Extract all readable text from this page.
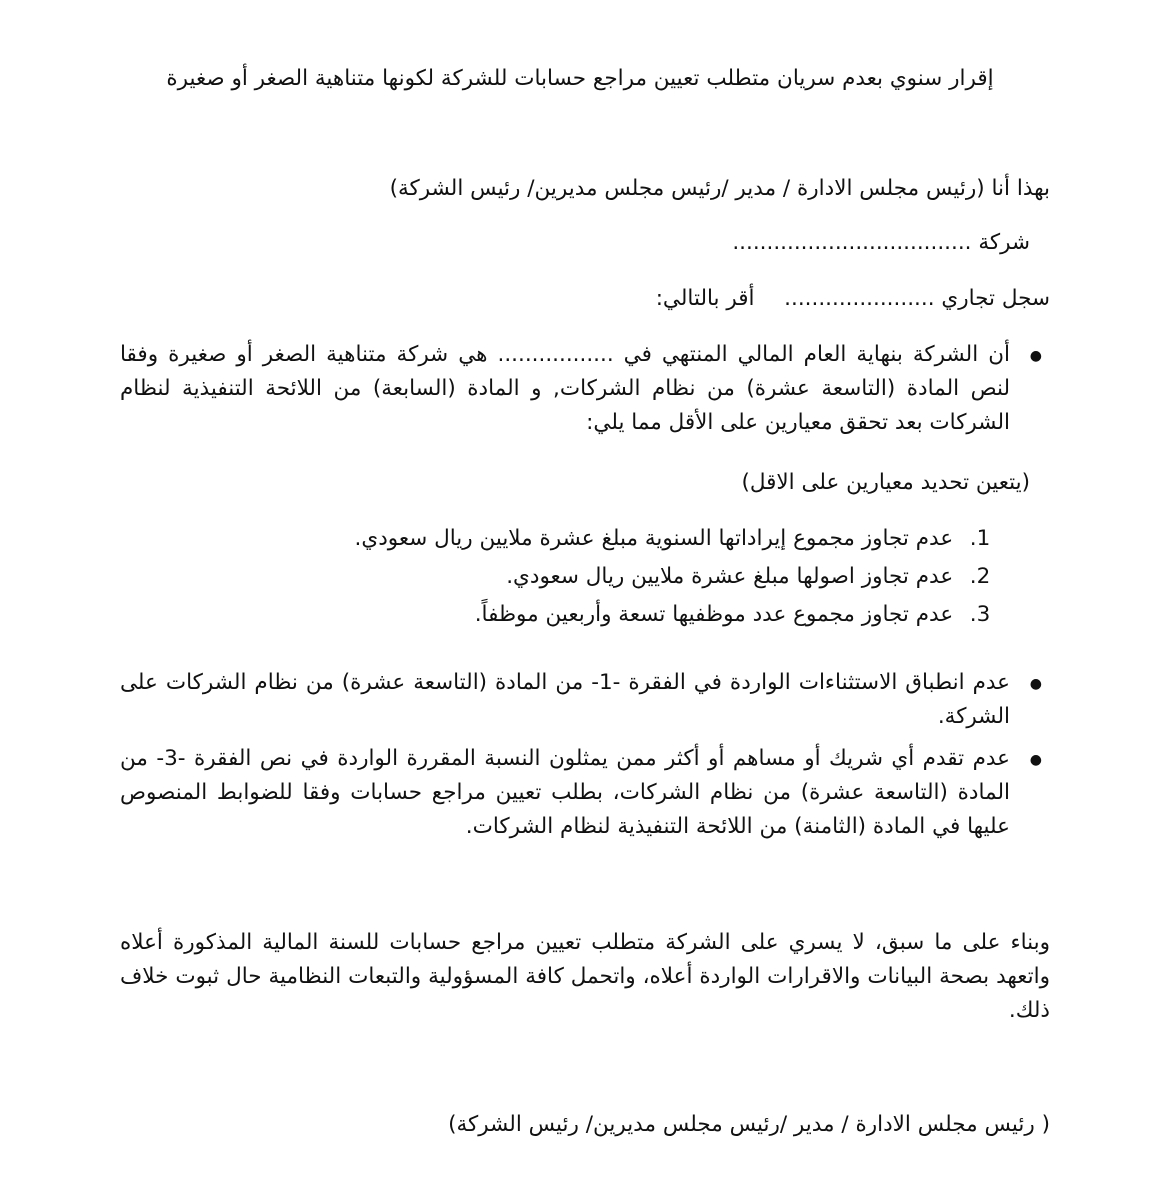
إقرار سنوي بعدم سريان متطلب تعيين مراجع حسابات للشركة لكونها متناهية الصغر أو صغيرة
بهذا أنا (رئيس مجلس الادارة / مدير /رئيس مجلس مديرين/ رئيس الشركة)
شركة ...................................
سجل تجاري ......................  أقر بالتالي:
●
أن الشركة بنهاية العام المالي المنتهي في ................. هي شركة متناهية الصغر أو صغيرة وفقا لنص المادة (التاسعة عشرة) من نظام الشركات, و المادة (السابعة) من اللائحة التنفيذية لنظام الشركات بعد تحقق معيارين على الأقل مما يلي:
(يتعين تحديد معيارين على الاقل)
1. عدم تجاوز مجموع إيراداتها السنوية مبلغ عشرة ملايين ريال سعودي.
2. عدم تجاوز اصولها مبلغ عشرة ملايين ريال سعودي.
3. عدم تجاوز مجموع عدد موظفيها تسعة وأربعين موظفاً.
●
عدم انطباق الاستثناءات الواردة في الفقرة -1- من المادة (التاسعة عشرة) من نظام الشركات على الشركة.
●
عدم تقدم أي شريك أو مساهم أو أكثر ممن يمثلون النسبة المقررة الواردة في نص الفقرة -3- من المادة (التاسعة عشرة) من نظام الشركات، بطلب تعيين مراجع حسابات وفقا للضوابط المنصوص عليها في المادة (الثامنة) من اللائحة التنفيذية لنظام الشركات.
وبناء على ما سبق، لا يسري على الشركة متطلب تعيين مراجع حسابات للسنة المالية المذكورة أعلاه واتعهد بصحة البيانات والاقرارات الواردة أعلاه، واتحمل كافة المسؤولية والتبعات النظامية حال ثبوت خلاف ذلك.
( رئيس مجلس الادارة / مدير /رئيس مجلس مديرين/ رئيس الشركة)
